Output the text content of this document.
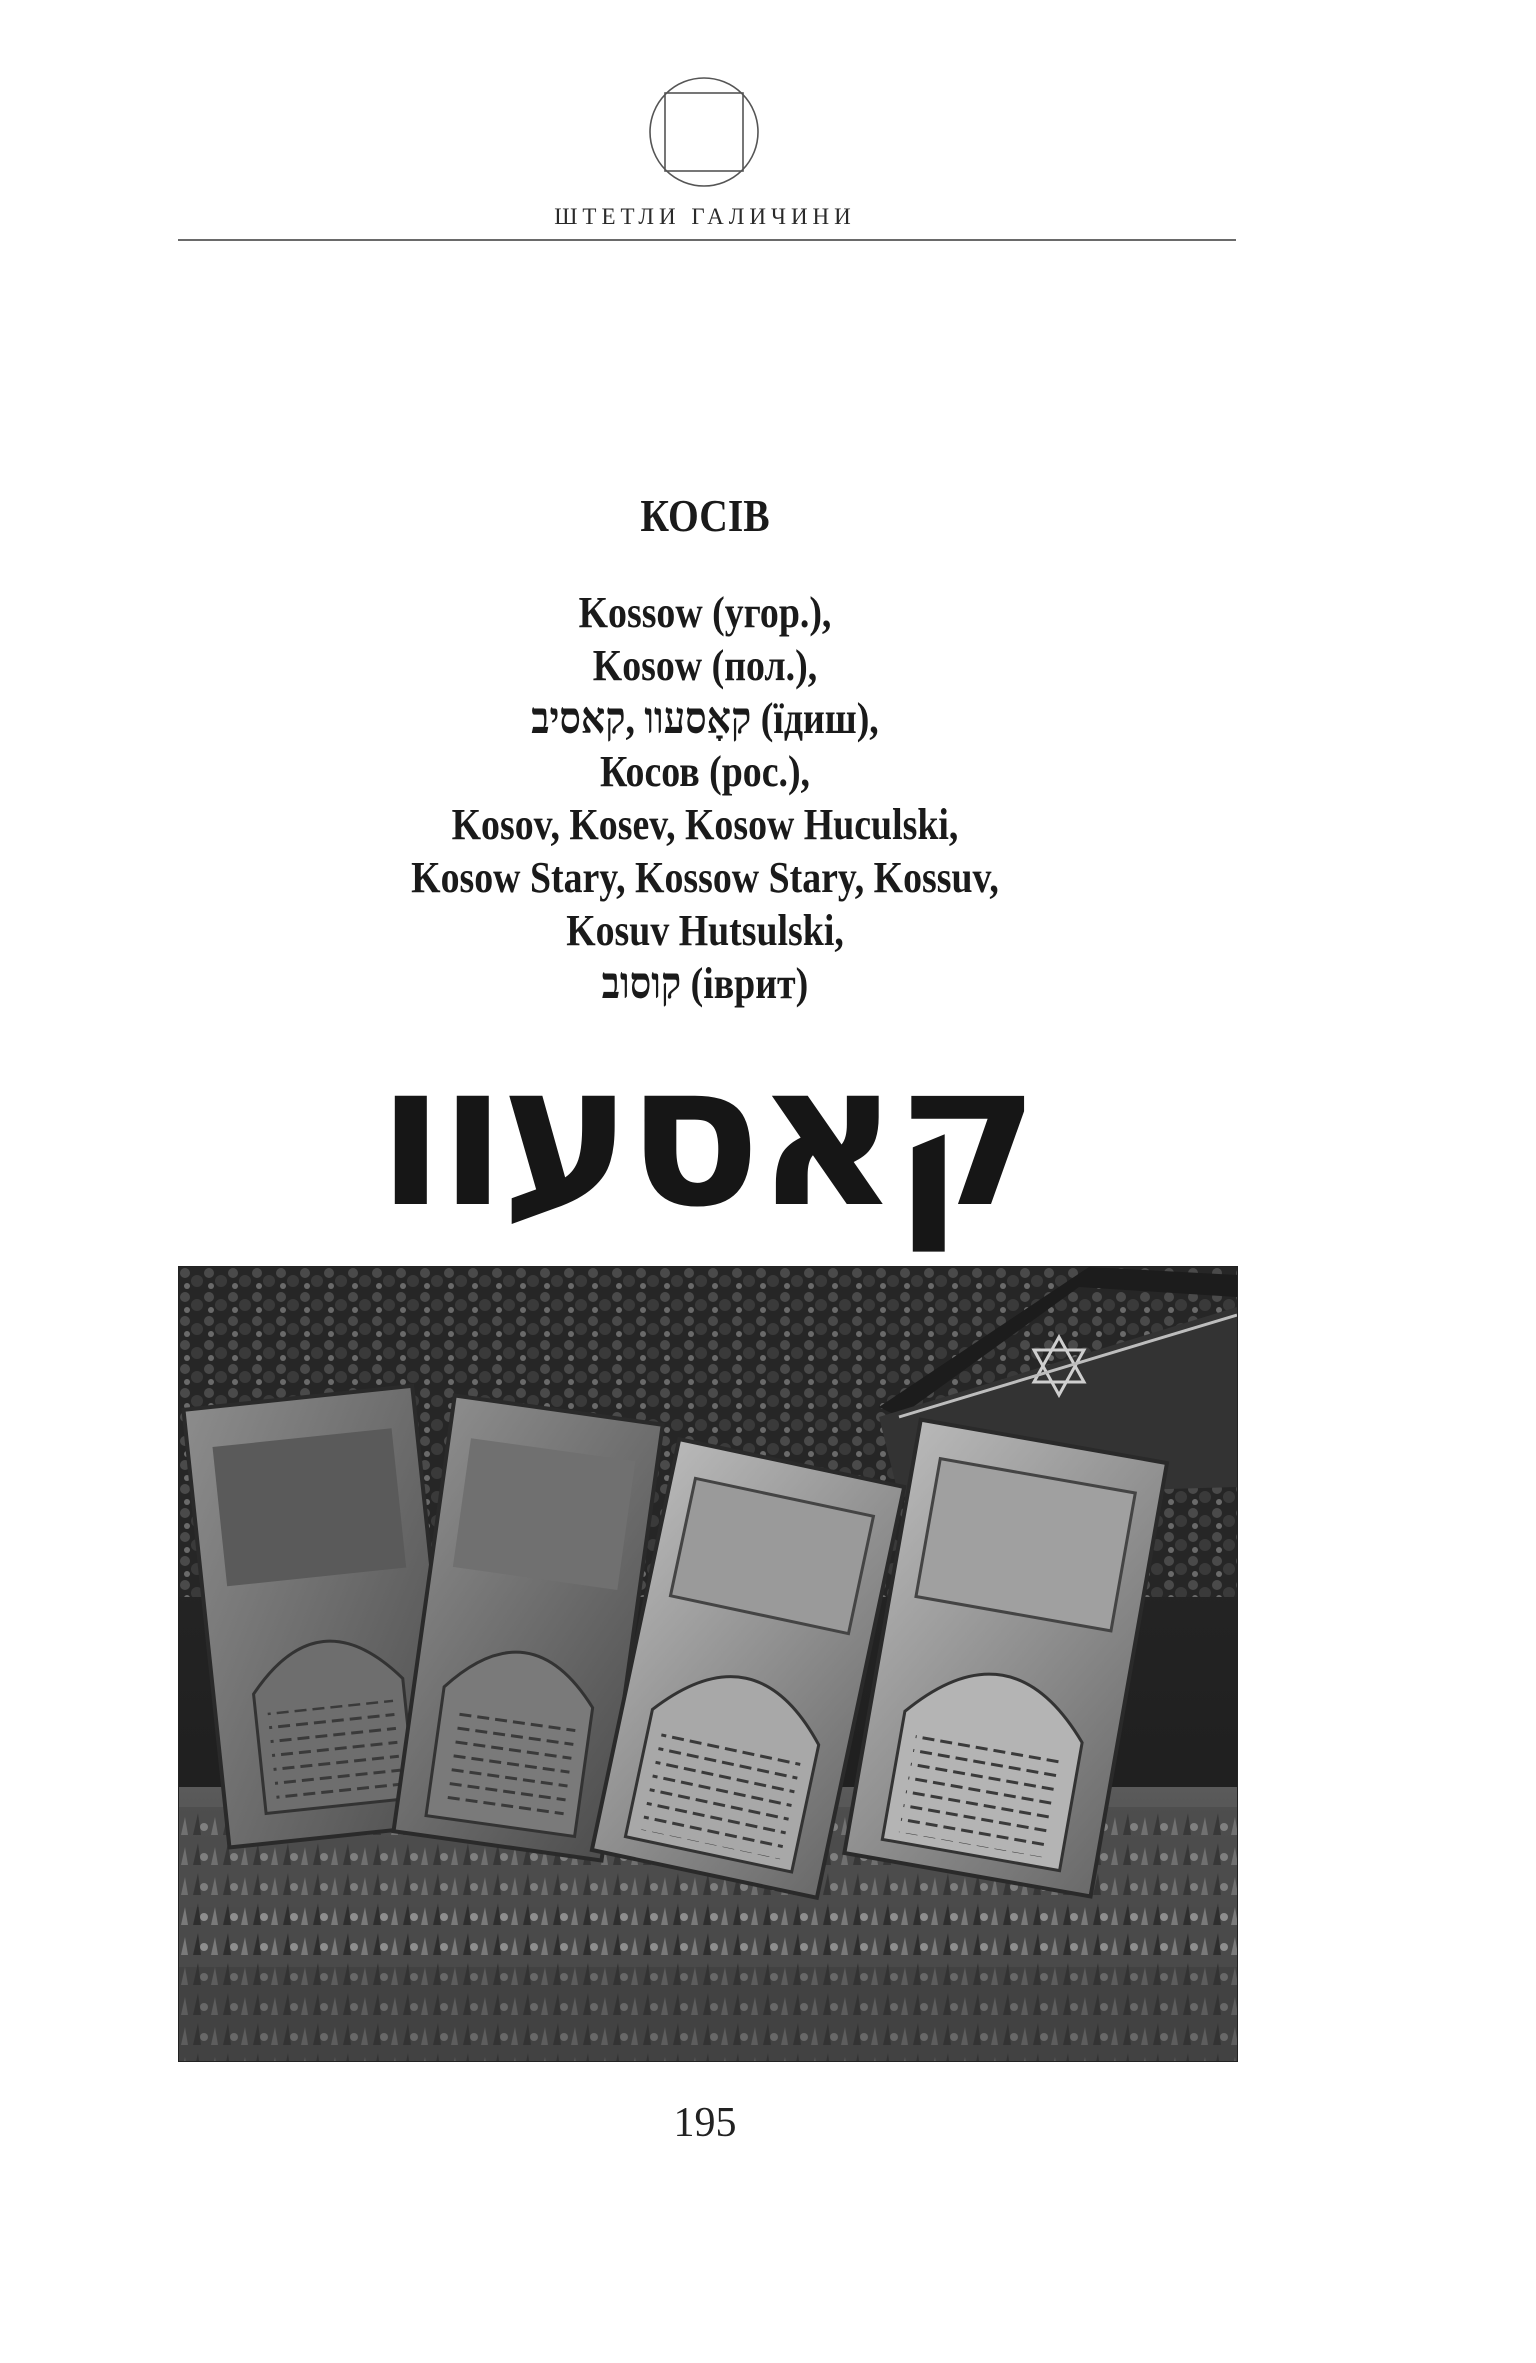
ШТЕТЛИ ГАЛИЧИНИ
КОСІВ
Kossow (угор.),
Kosow (пол.),
קאָסעוו ,קאסיב (їдиш),
Косов (рос.),
Kosov, Kosev, Kosow Huculski,
Kosow Stary, Kossow Stary, Kossuv,
Kosuv Hutsulski,
קוסוב (іврит)
קאסעוו
195
